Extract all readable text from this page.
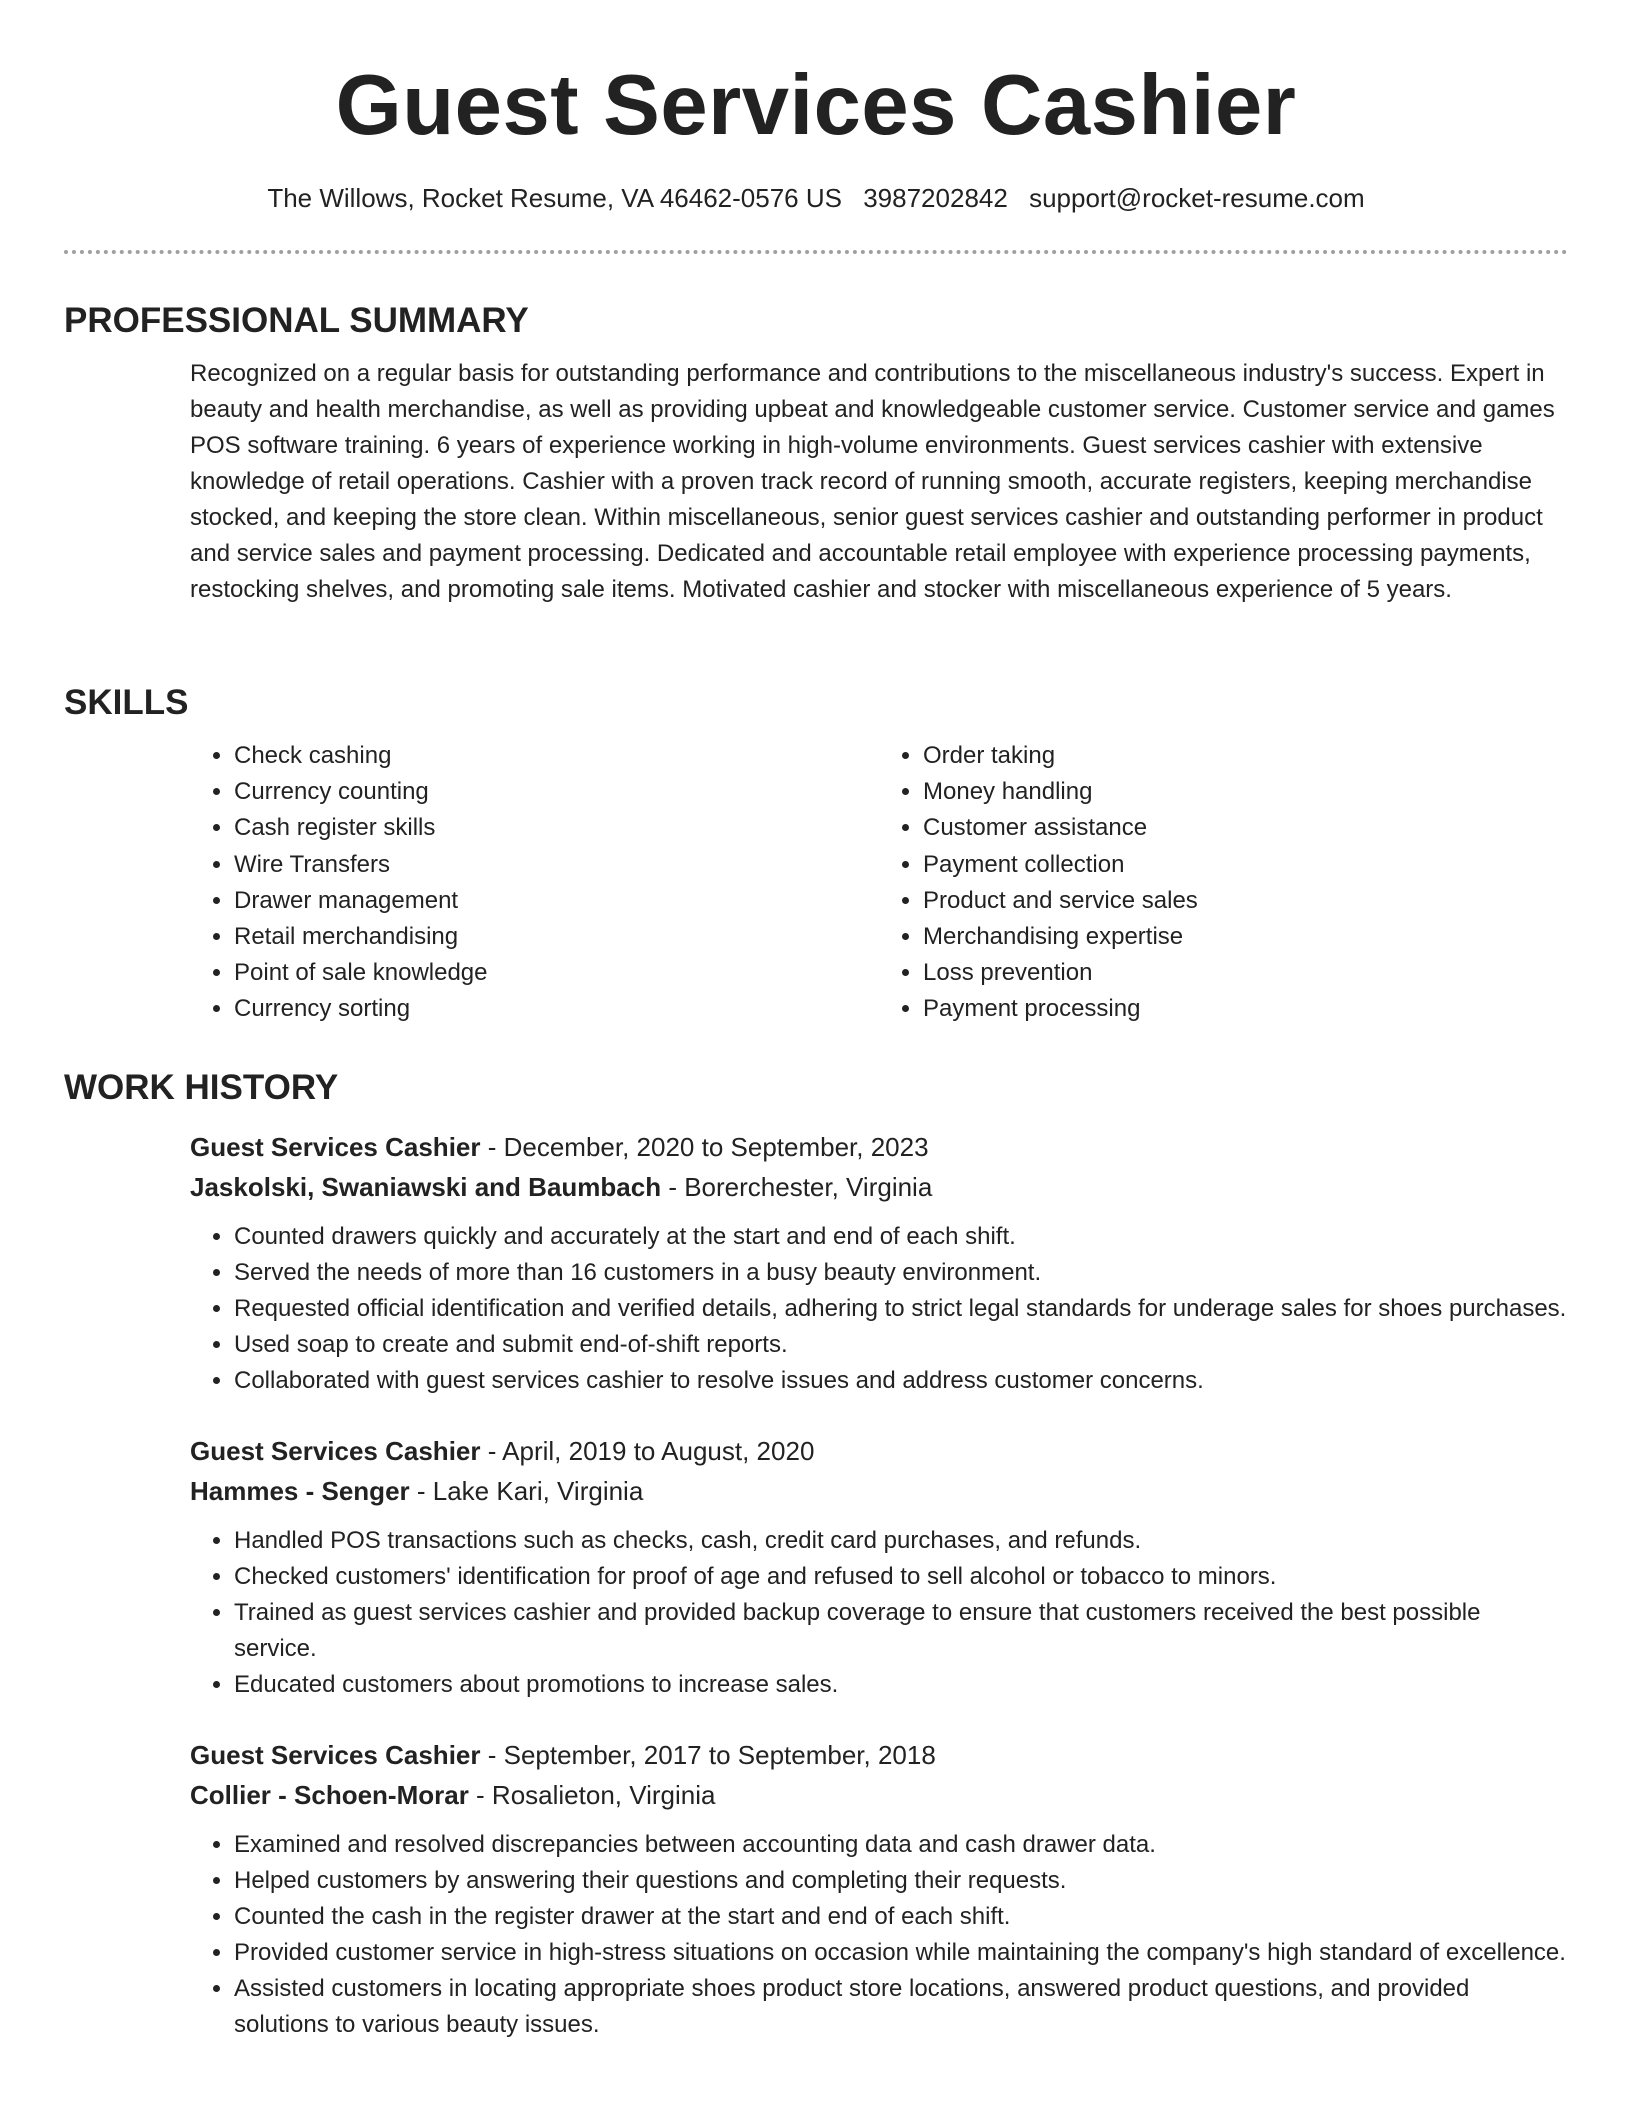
Guest Services Cashier
The Willows, Rocket Resume, VA 46462-0576 US 3987202842 support@rocket-resume.com
PROFESSIONAL SUMMARY

Recognized on a regular basis for outstanding performance and contributions to the miscellaneous industry's success. Expert in beauty and health merchandise, as well as providing upbeat and knowledgeable customer service. Customer service and games POS software training. 6 years of experience working in high-volume environments. Guest services cashier with extensive knowledge of retail operations. Cashier with a proven track record of running smooth, accurate registers, keeping merchandise stocked, and keeping the store clean. Within miscellaneous, senior guest services cashier and outstanding performer in product and service sales and payment processing. Dedicated and accountable retail employee with experience processing payments, restocking shelves, and promoting sale items. Motivated cashier and stocker with miscellaneous experience of 5 years.

SKILLS
• Check cashing
• Currency counting
• Cash register skills
• Wire Transfers
• Drawer management
• Retail merchandising
• Point of sale knowledge
• Currency sorting
• Order taking
• Money handling
• Customer assistance
• Payment collection
• Product and service sales
• Merchandising expertise
• Loss prevention
• Payment processing
WORK HISTORY

Guest Services Cashier - December, 2020 to September, 2023

Jaskolski, Swaniawski and Baumbach - Borerchester, Virginia

• Counted drawers quickly and accurately at the start and end of each shift.
• Served the needs of more than 16 customers in a busy beauty environment.
• Requested official identification and verified details, adhering to strict legal standards for underage sales for shoes purchases.
• Used soap to create and submit end-of-shift reports.
• Collaborated with guest services cashier to resolve issues and address customer concerns.

Guest Services Cashier - April, 2019 to August, 2020

Hammes - Senger - Lake Kari, Virginia

• Handled POS transactions such as checks, cash, credit card purchases, and refunds.
• Checked customers' identification for proof of age and refused to sell alcohol or tobacco to minors.
• Trained as guest services cashier and provided backup coverage to ensure that customers received the best possible service.
• Educated customers about promotions to increase sales.

Guest Services Cashier - September, 2017 to September, 2018

Collier - Schoen-Morar - Rosalieton, Virginia

• Examined and resolved discrepancies between accounting data and cash drawer data.
• Helped customers by answering their questions and completing their requests.
• Counted the cash in the register drawer at the start and end of each shift.
• Provided customer service in high-stress situations on occasion while maintaining the company's high standard of excellence.
• Assisted customers in locating appropriate shoes product store locations, answered product questions, and provided solutions to various beauty issues.
